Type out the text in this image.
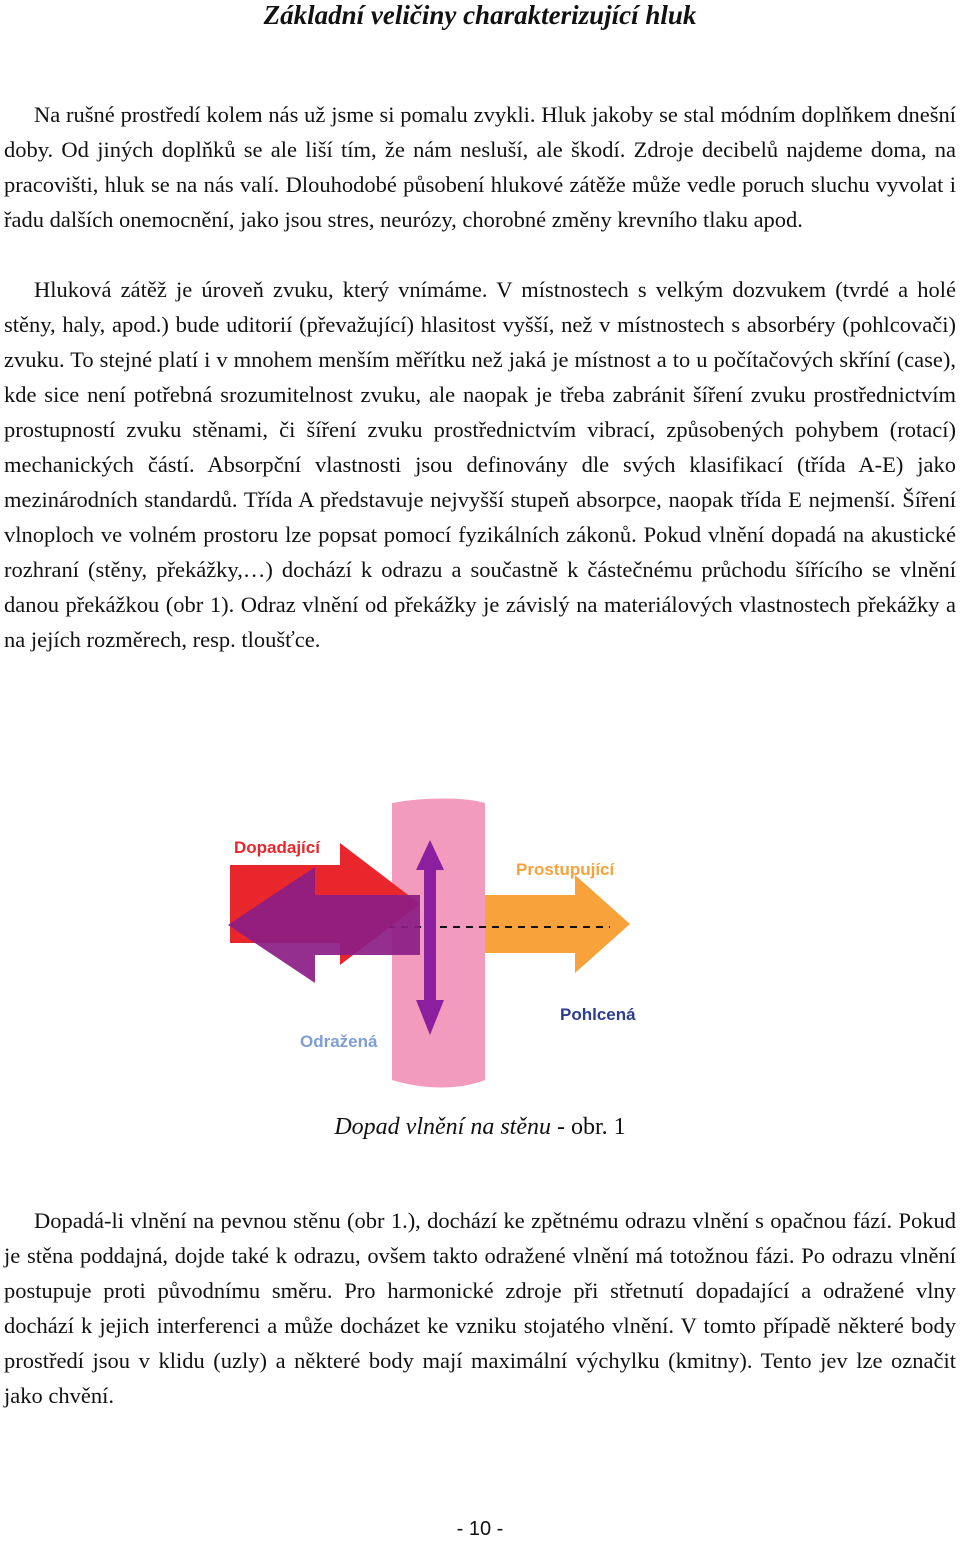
Základní veličiny charakterizující hluk

Na rušné prostředí kolem nás už jsme si pomalu zvykli. Hluk jakoby se stal módním doplňkem dnešní doby. Od jiných doplňků se ale liší tím, že nám nesluší, ale škodí. Zdroje decibelů najdeme doma, na pracovišti, hluk se na nás valí. Dlouhodobé působení hlukové zátěže může vedle poruch sluchu vyvolat i řadu dalších onemocnění, jako jsou stres, neurózy, chorobné změny krevního tlaku apod.

Hluková zátěž je úroveň zvuku, který vnímáme. V místnostech s velkým dozvukem (tvrdé a holé stěny, haly, apod.) bude uditorií (převažující) hlasitost vyšší, než v místnostech s absorbéry (pohlcovači) zvuku. To stejné platí i v mnohem menším měřítku než jaká je místnost a to u počítačových skříní (case), kde sice není potřebná srozumitelnost zvuku, ale naopak je třeba zabránit šíření zvuku prostřednictvím prostupností zvuku stěnami, či šíření zvuku prostřednictvím vibrací, způsobených pohybem (rotací) mechanických částí. Absorpční vlastnosti jsou definovány dle svých klasifikací (třída A-E) jako mezinárodních standardů. Třída A představuje nejvyšší stupeň absorpce, naopak třída E nejmenší. Šíření vlnoploch ve volném prostoru lze popsat pomocí fyzikálních zákonů. Pokud vlnění dopadá na akustické rozhraní (stěny, překážky,…) dochází k odrazu a součastně k částečnému průchodu šířícího se vlnění danou překážkou (obr 1). Odraz vlnění od překážky je závislý na materiálových vlastnostech překážky a na jejích rozměrech, resp. tloušťce.

Dopadající
Prostupující
Pohlcená
Odražená
Dopad vlnění na stěnu - obr. 1

Dopadá-li vlnění na pevnou stěnu (obr 1.), dochází ke zpětnému odrazu vlnění s opačnou fází. Pokud je stěna poddajná, dojde také k odrazu, ovšem takto odražené vlnění má totožnou fázi. Po odrazu vlnění postupuje proti původnímu směru. Pro harmonické zdroje při střetnutí dopadající a odražené vlny dochází k jejich interferenci a může docházet ke vzniku stojatého vlnění. V tomto případě některé body prostředí jsou v klidu (uzly) a některé body mají maximální výchylku (kmitny). Tento jev lze označit jako chvění.

- 10 -
